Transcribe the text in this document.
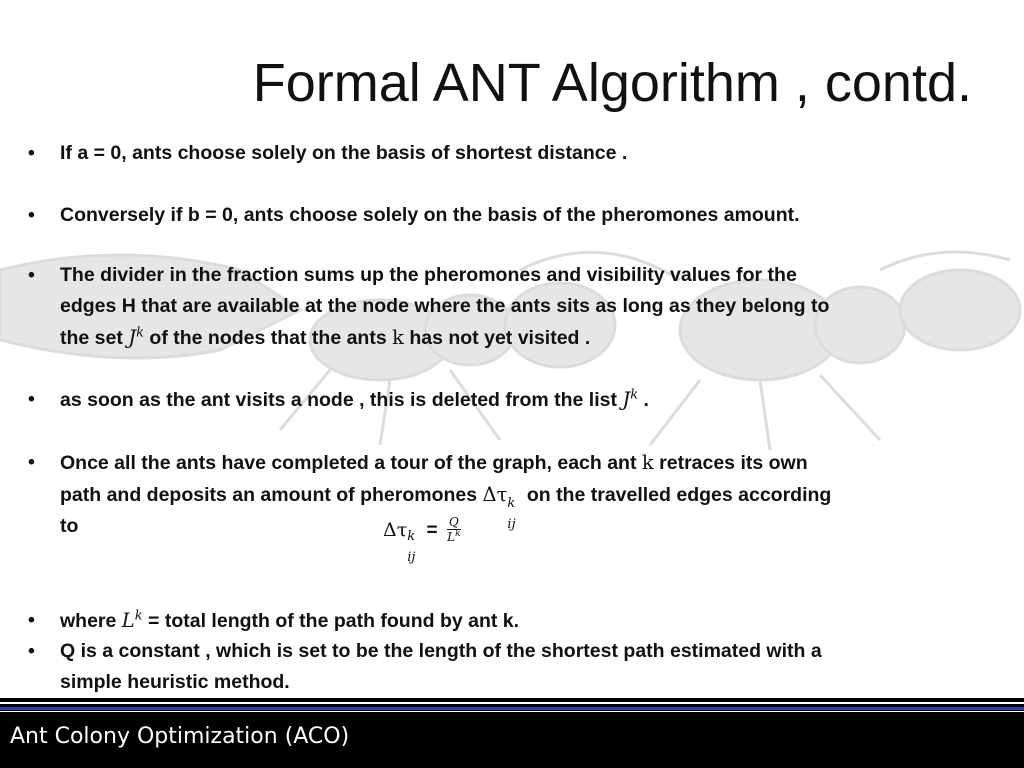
Formal ANT Algorithm , contd.
•	If a = 0, ants choose solely on the basis of shortest distance .
•	Conversely if b = 0, ants choose solely on the basis of the pheromones amount.
•	The divider in the fraction sums up the pheromones and visibility values for the
edges H that are available at the node where the ants sits as long as they belong to
the set $J^k$ of the nodes that the ants k has not yet visited .
•	as soon as the ant visits a node , this is deleted from the list $J^k$ .
•	Once all the ants have completed a tour of the graph, each ant k retraces its own
path and deposits an amount of pheromones Δτ k
ij
on the travelled edges according
to
•	where $L^k$ = total length of the path found by ant k.
•	Q is a constant , which is set to be the length of the shortest path estimated with a
simple heuristic method.
Δτ k
ij
= $\frac{Q}{L^k}$
Ant Colony Optimization (ACO)
